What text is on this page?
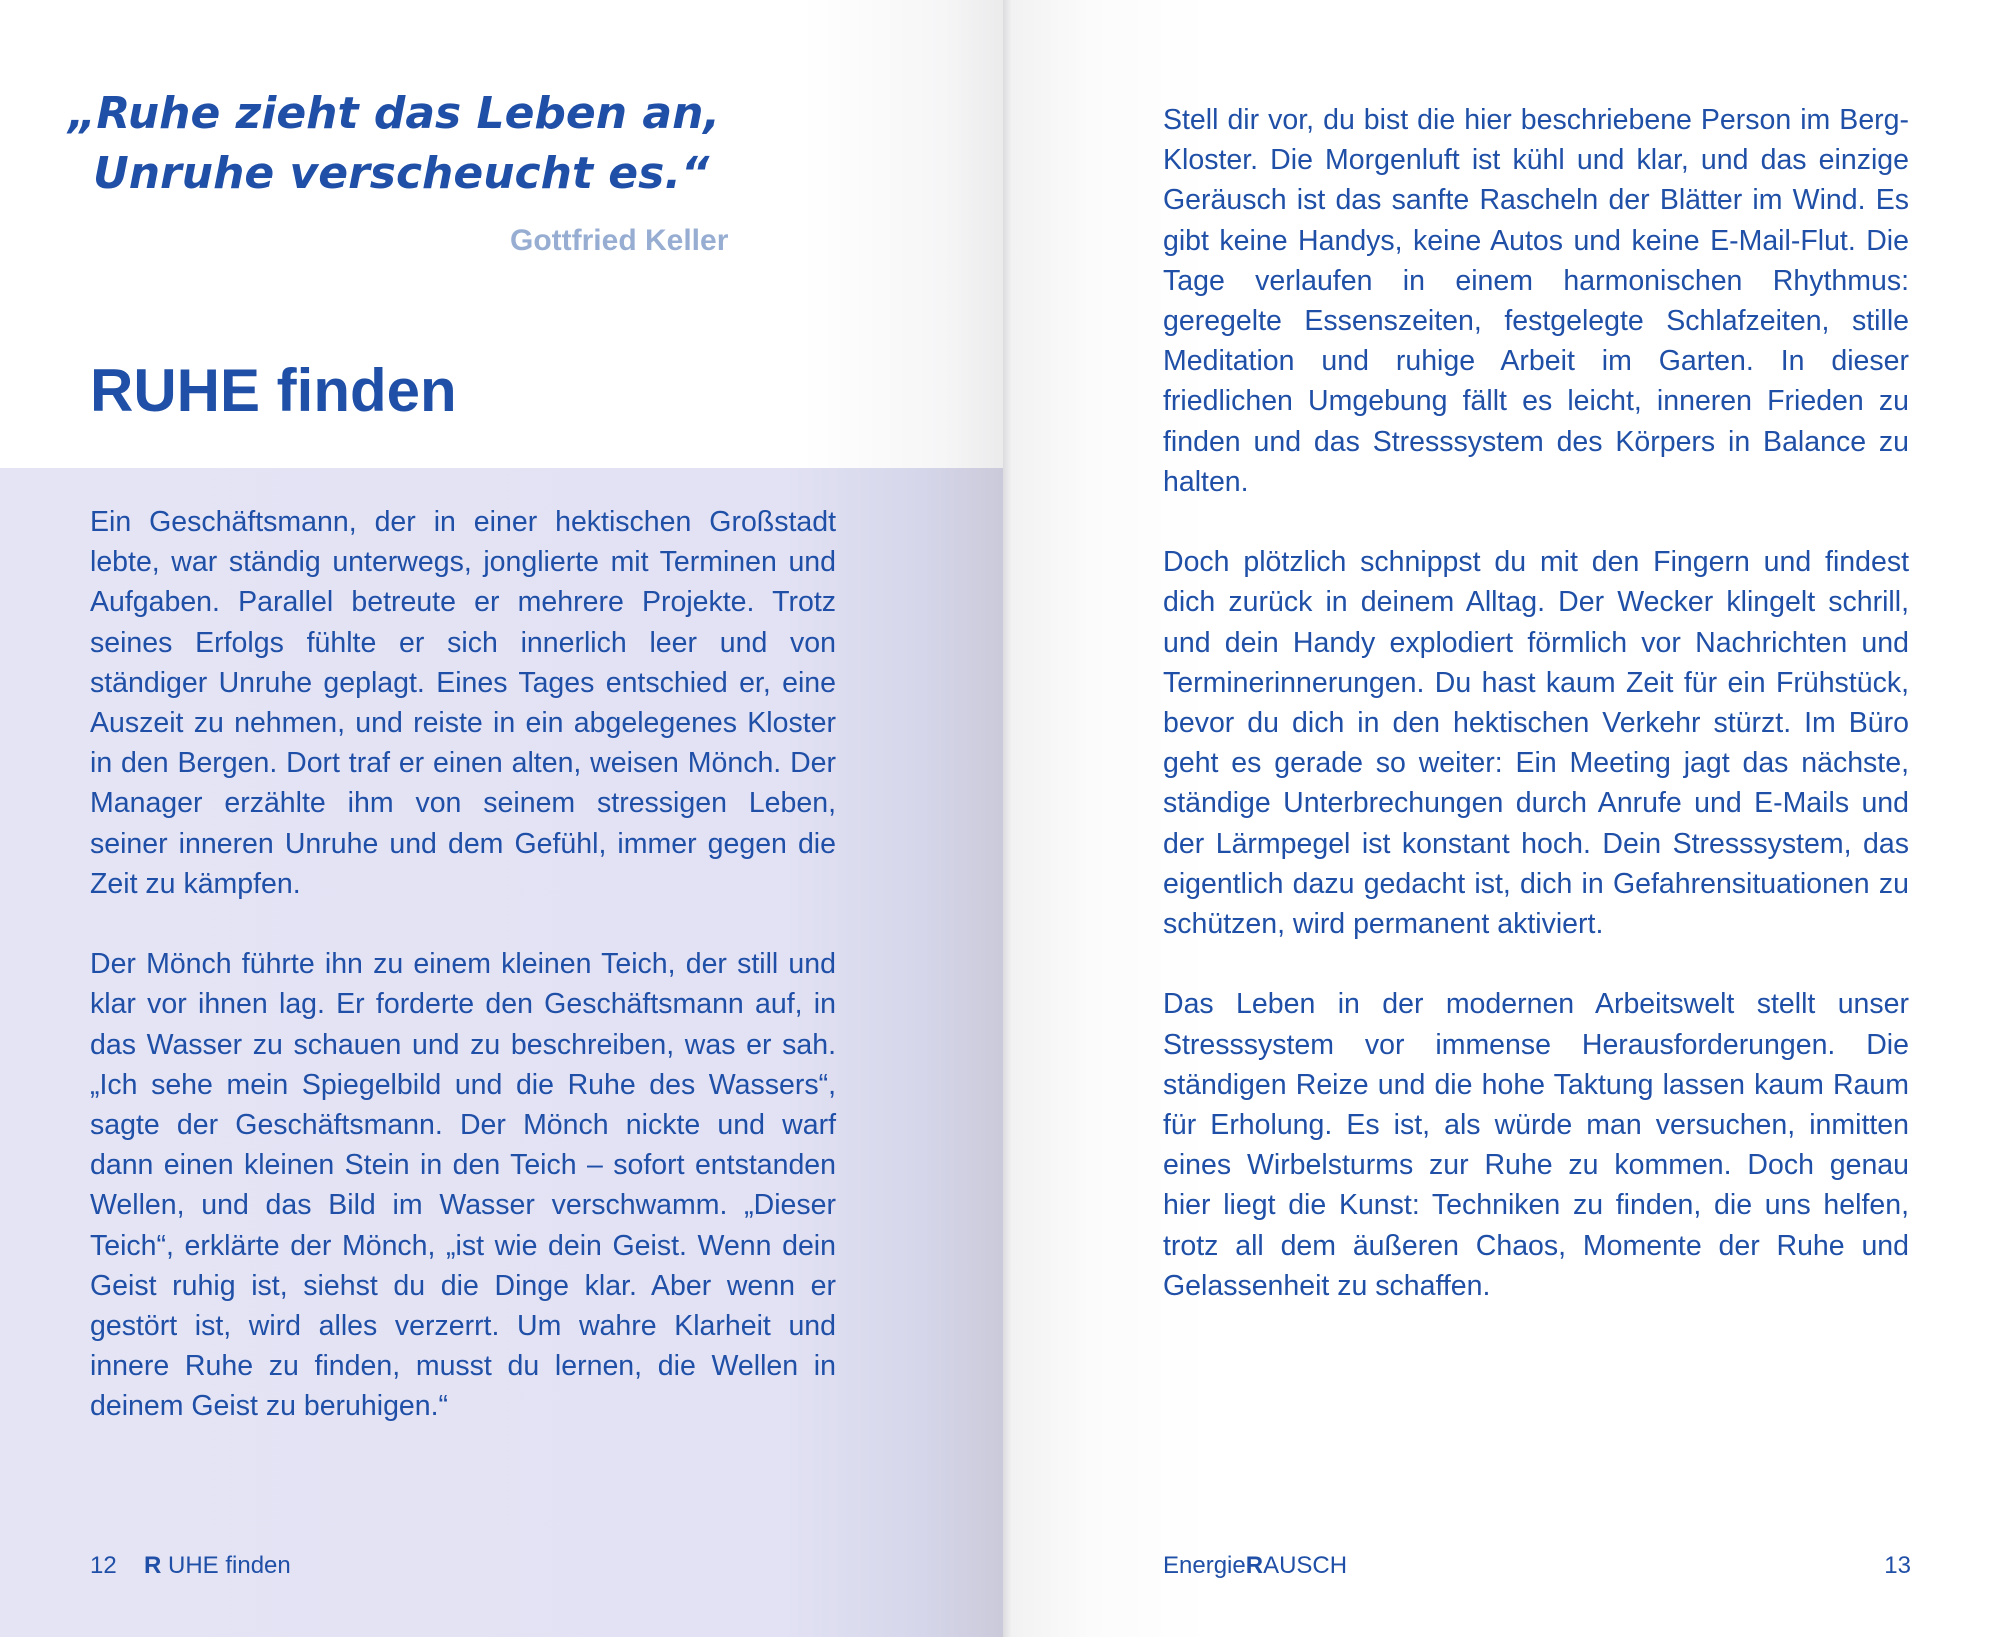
„Ruhe zieht das Leben an,
Unruhe verscheucht es.“
Gottfried Keller
RUHE finden

Ein Geschäftsmann, der in einer hektischen Großstadt lebte, war ständig unterwegs, jonglierte mit Terminen und Aufgaben. Parallel betreute er mehrere Projekte. Trotz seines Erfolgs fühlte er sich innerlich leer und von ständiger Unruhe geplagt. Eines Tages entschied er, eine Auszeit zu nehmen, und reiste in ein abgelegenes Kloster in den Bergen. Dort traf er einen alten, weisen Mönch. Der Manager erzählte ihm von seinem stressigen Leben, seiner inneren Unruhe und dem Gefühl, immer gegen die Zeit zu kämpfen.

Der Mönch führte ihn zu einem kleinen Teich, der still und klar vor ihnen lag. Er forderte den Geschäftsmann auf, in das Wasser zu schauen und zu beschreiben, was er sah. „Ich sehe mein Spiegelbild und die Ruhe des Wassers“, sagte der Geschäftsmann. Der Mönch nickte und warf dann einen kleinen Stein in den Teich – sofort entstanden Wellen, und das Bild im Wasser verschwamm. „Dieser Teich“, erklärte der Mönch, „ist wie dein Geist. Wenn dein Geist ruhig ist, siehst du die Dinge klar. Aber wenn er gestört ist, wird alles verzerrt. Um wahre Klarheit und innere Ruhe zu finden, musst du lernen, die Wellen in deinem Geist zu beruhigen.“

Stell dir vor, du bist die hier beschriebene Person im Berg-Kloster. Die Morgenluft ist kühl und klar, und das einzige Geräusch ist das sanfte Rascheln der Blätter im Wind. Es gibt keine Handys, keine Autos und keine E-Mail-Flut. Die Tage verlaufen in einem harmonischen Rhythmus: geregelte Essenszeiten, festgelegte Schlafzeiten, stille Meditation und ruhige Arbeit im Garten. In dieser friedlichen Umgebung fällt es leicht, inneren Frieden zu finden und das Stresssystem des Körpers in Balance zu halten.

Doch plötzlich schnippst du mit den Fingern und findest dich zurück in deinem Alltag. Der Wecker klingelt schrill, und dein Handy explodiert förmlich vor Nachrichten und Terminerinnerungen. Du hast kaum Zeit für ein Frühstück, bevor du dich in den hektischen Verkehr stürzt. Im Büro geht es gerade so weiter: Ein Meeting jagt das nächste, ständige Unterbrechungen durch Anrufe und E-Mails und der Lärmpegel ist konstant hoch. Dein Stresssystem, das eigentlich dazu gedacht ist, dich in Gefahrensituationen zu schützen, wird permanent aktiviert.

Das Leben in der modernen Arbeitswelt stellt unser Stresssystem vor immense Herausforderungen. Die ständigen Reize und die hohe Taktung lassen kaum Raum für Erholung. Es ist, als würde man versuchen, inmitten eines Wirbelsturms zur Ruhe zu kommen. Doch genau hier liegt die Kunst: Techniken zu finden, die uns helfen, trotz all dem äußeren Chaos, Momente der Ruhe und Gelassenheit zu schaffen.

12 R UHE finden	EnergieRAUSCH	13
